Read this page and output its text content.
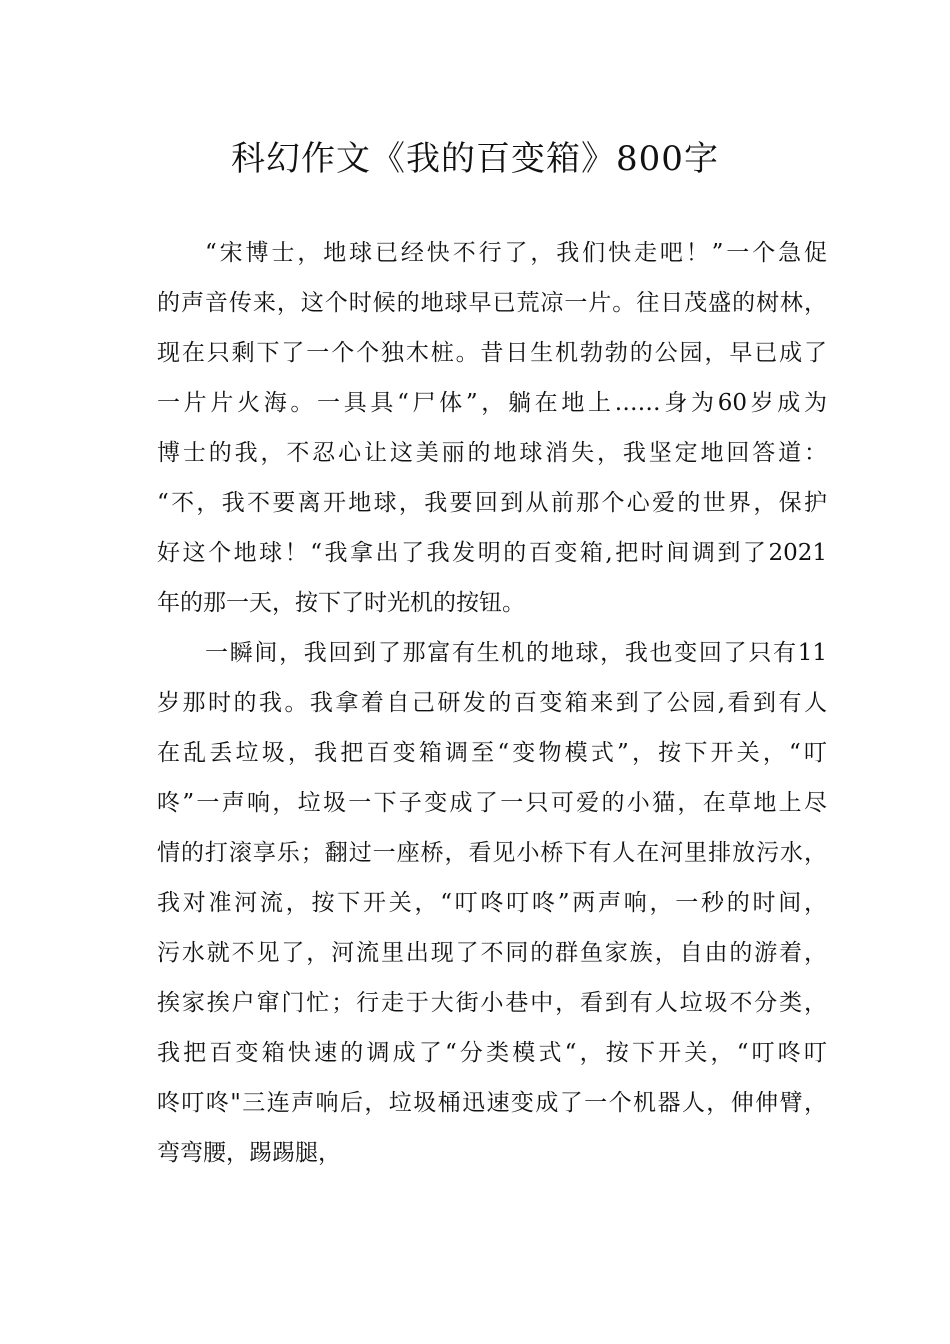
科幻作文《我的百变箱》800字
“宋博士，地球已经快不行了，我们快走吧！”一个急促
的声音传来，这个时候的地球早已荒凉一片。往日茂盛的树林，
现在只剩下了一个个独木桩。昔日生机勃勃的公园，早已成了
一片片火海。一具具“尸体”，躺在地上……身为60岁成为
博士的我，不忍心让这美丽的地球消失，我坚定地回答道：
“不，我不要离开地球，我要回到从前那个心爱的世界，保护
好这个地球！“我拿出了我发明的百变箱,把时间调到了2021
年的那一天，按下了时光机的按钮。
一瞬间，我回到了那富有生机的地球，我也变回了只有11
岁那时的我。我拿着自己研发的百变箱来到了公园,看到有人
在乱丢垃圾，我把百变箱调至“变物模式”，按下开关，“叮
咚”一声响，垃圾一下子变成了一只可爱的小猫，在草地上尽
情的打滚享乐；翻过一座桥，看见小桥下有人在河里排放污水，
我对准河流，按下开关，“叮咚叮咚”两声响，一秒的时间，
污水就不见了，河流里出现了不同的群鱼家族，自由的游着，
挨家挨户窜门忙；行走于大街小巷中，看到有人垃圾不分类，
我把百变箱快速的调成了“分类模式“，按下开关，“叮咚叮
咚叮咚"三连声响后，垃圾桶迅速变成了一个机器人，伸伸臂，
弯弯腰，踢踢腿，
